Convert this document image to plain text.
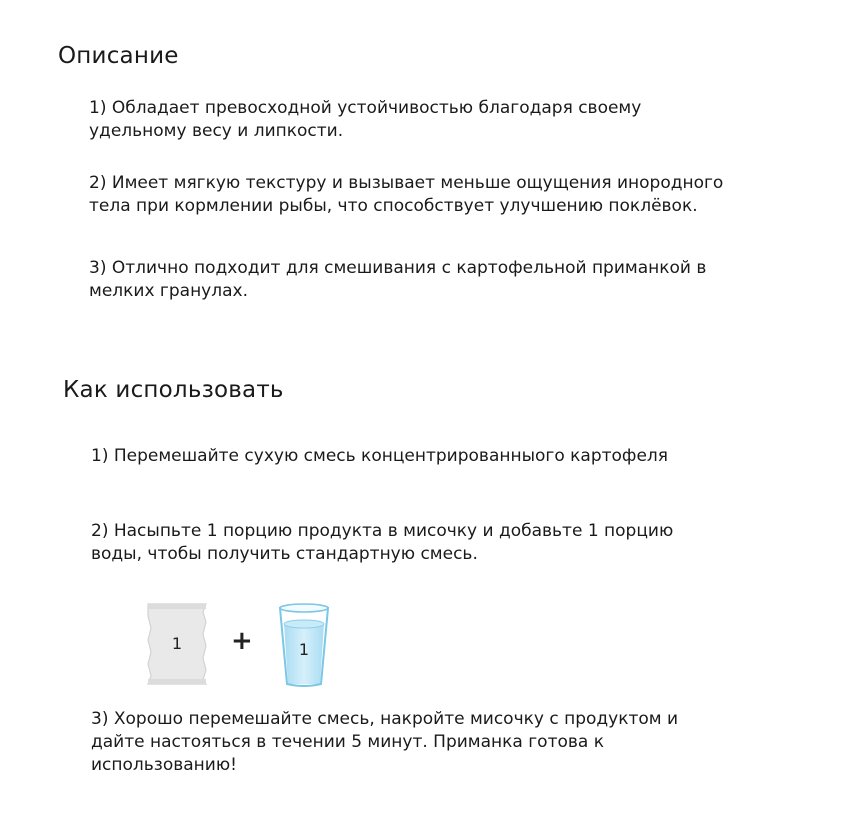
Описание

1) Обладает превосходной устойчивостью благодаря своему
удельному весу и липкости.

2) Имеет мягкую текстуру и вызывает меньше ощущения инородного
тела при кормлении рыбы, что способствует улучшению поклёвок.

3) Отлично подходит для смешивания с картофельной приманкой в
мелких гранулах.

Как использовать

1) Перемешайте сухую смесь концентрированныого картофеля

2) Насыпьте 1 порцию продукта в мисочку и добавьте 1 порцию
воды, чтобы получить стандартную смесь.

1	+	1

3) Хорошо перемешайте смесь, накройте мисочку с продуктом и
дайте настояться в течении 5 минут. Приманка готова к
использованию!
